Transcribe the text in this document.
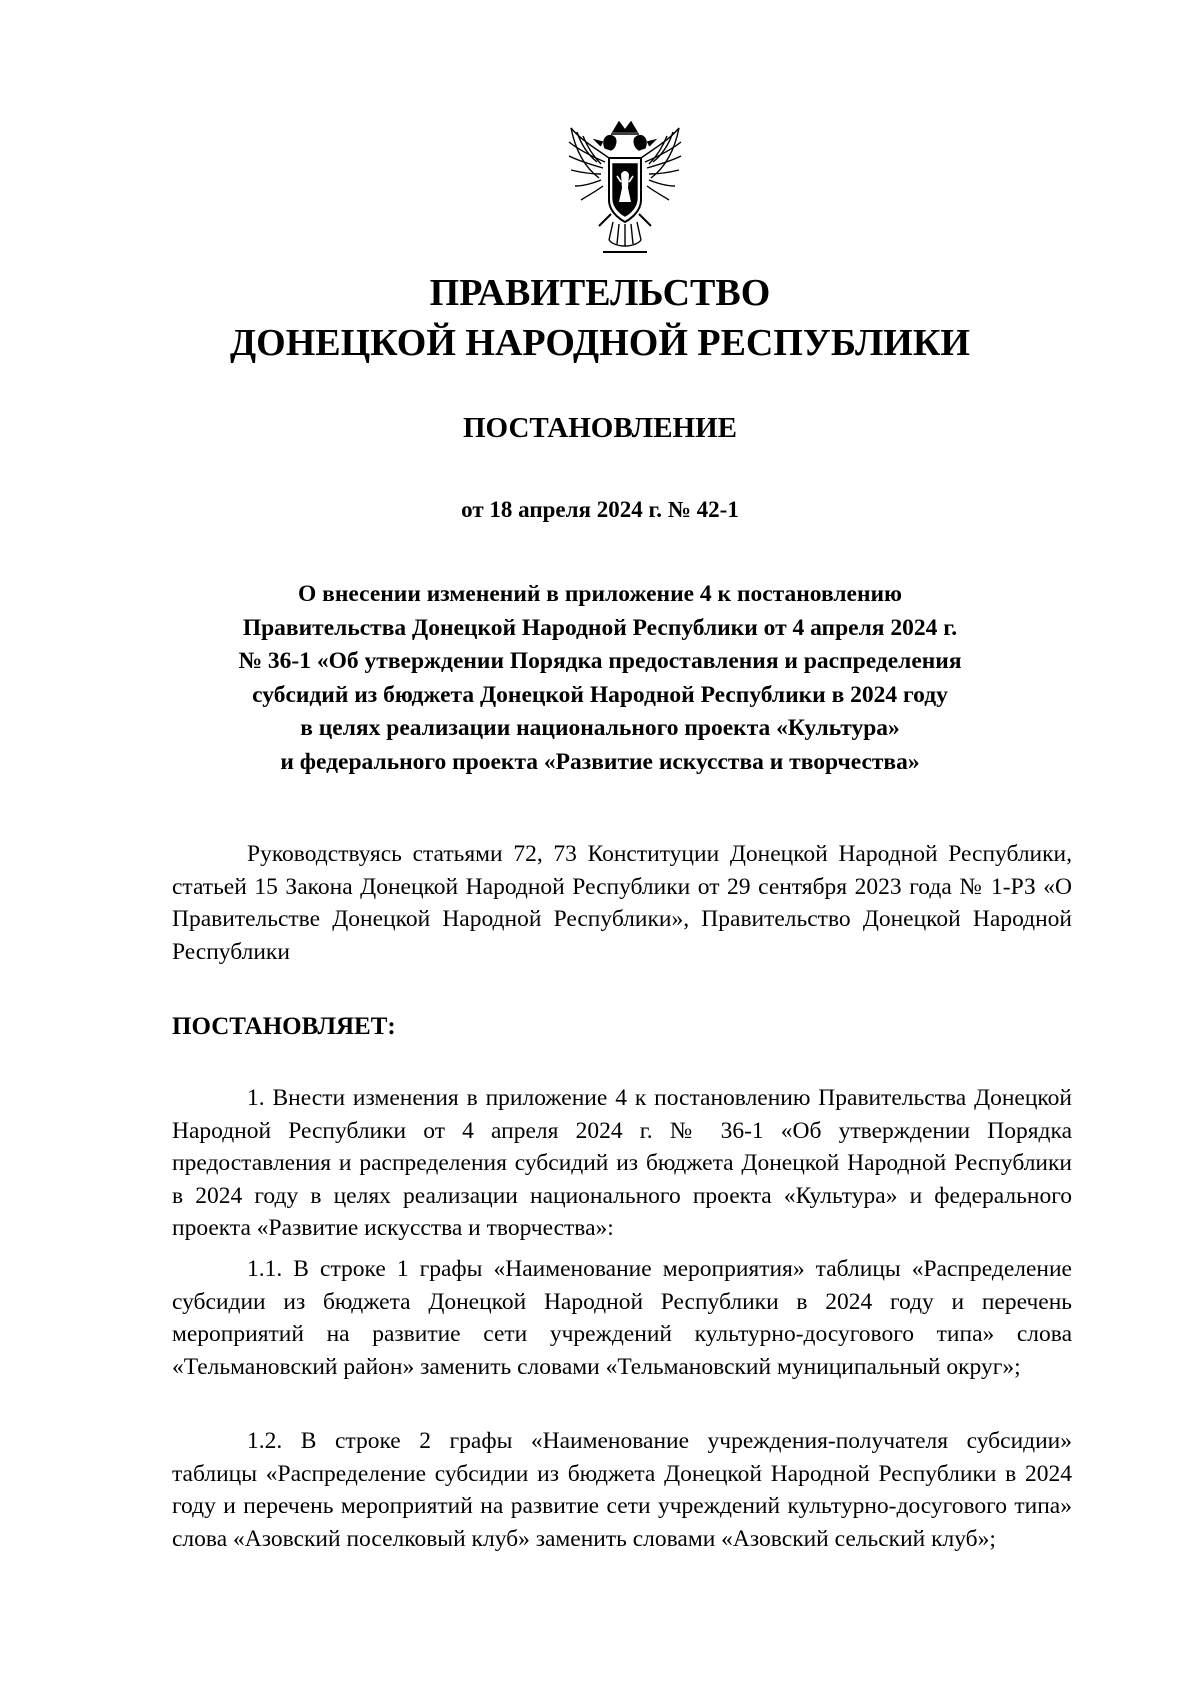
ПРАВИТЕЛЬСТВО
ДОНЕЦКОЙ НАРОДНОЙ РЕСПУБЛИКИ
ПОСТАНОВЛЕНИЕ
от 18 апреля 2024 г. № 42-1
О внесении изменений в приложение 4 к постановлению
Правительства Донецкой Народной Республики от 4 апреля 2024 г.
№ 36-1 «Об утверждении Порядка предоставления и распределения
субсидий из бюджета Донецкой Народной Республики в 2024 году
в целях реализации национального проекта «Культура»
и федерального проекта «Развитие искусства и творчества»

Руководствуясь статьями 72, 73 Конституции Донецкой Народной Республики, статьей 15 Закона Донецкой Народной Республики от 29 сентября 2023 года № 1-РЗ «О Правительстве Донецкой Народной Республики», Правительство Донецкой Народной Республики

ПОСТАНОВЛЯЕТ:

1. Внести изменения в приложение 4 к постановлению Правительства Донецкой Народной Республики от 4 апреля 2024 г. № 36-1 «Об утверждении Порядка предоставления и распределения субсидий из бюджета Донецкой Народной Республики в 2024 году в целях реализации национального проекта «Культура» и федерального проекта «Развитие искусства и творчества»:

1.1. В строке 1 графы «Наименование мероприятия» таблицы «Распределение субсидии из бюджета Донецкой Народной Республики в 2024 году и перечень мероприятий на развитие сети учреждений культурно-досугового типа» слова «Тельмановский район» заменить словами «Тельмановский муниципальный округ»;

1.2. В строке 2 графы «Наименование учреждения-получателя субсидии» таблицы «Распределение субсидии из бюджета Донецкой Народной Республики в 2024 году и перечень мероприятий на развитие сети учреждений культурно-досугового типа» слова «Азовский поселковый клуб» заменить словами «Азовский сельский клуб»;
